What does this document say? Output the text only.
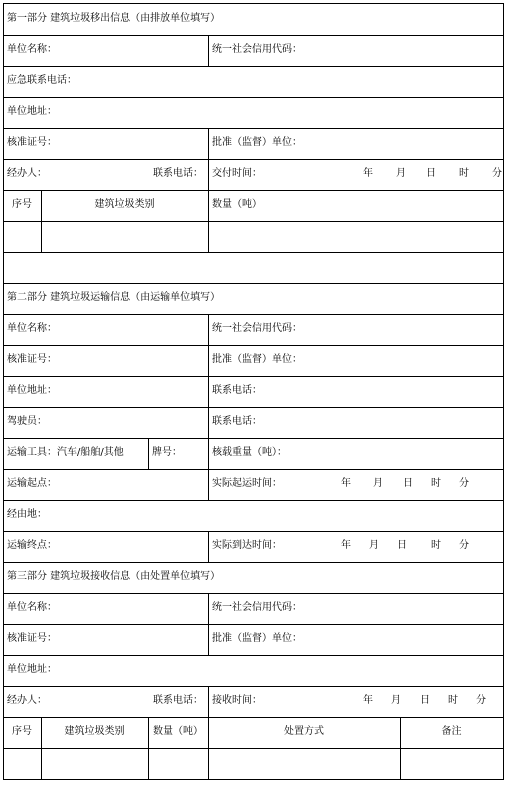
第一部分 建筑垃圾移出信息（由排放单位填写）
单位名称：	统一社会信用代码：
应急联系电话：
单位地址：
核准证号：	批准（监督）单位：
经办人：	联系电话： 交付时间：	年 月 日 时 分
序号	建筑垃圾类别	数量（吨）
第二部分 建筑垃圾运输信息（由运输单位填写）
单位名称：	统一社会信用代码：
核准证号：	批准（监督）单位：
单位地址：	联系电话：
驾驶员：	联系电话：
运输工具：汽车/船舶/其他	牌号：	核载重量（吨）：
运输起点：	实际起运时间：	年 月 日 时 分
经由地：
运输终点：	实际到达时间：	年 月 日 时 分
第三部分 建筑垃圾接收信息（由处置单位填写）
单位名称：	统一社会信用代码：
核准证号：	批准（监督）单位：
单位地址：
经办人：	联系电话： 接收时间：	年 月 日 时 分
序号	建筑垃圾类别	数量（吨）	处置方式	备注
